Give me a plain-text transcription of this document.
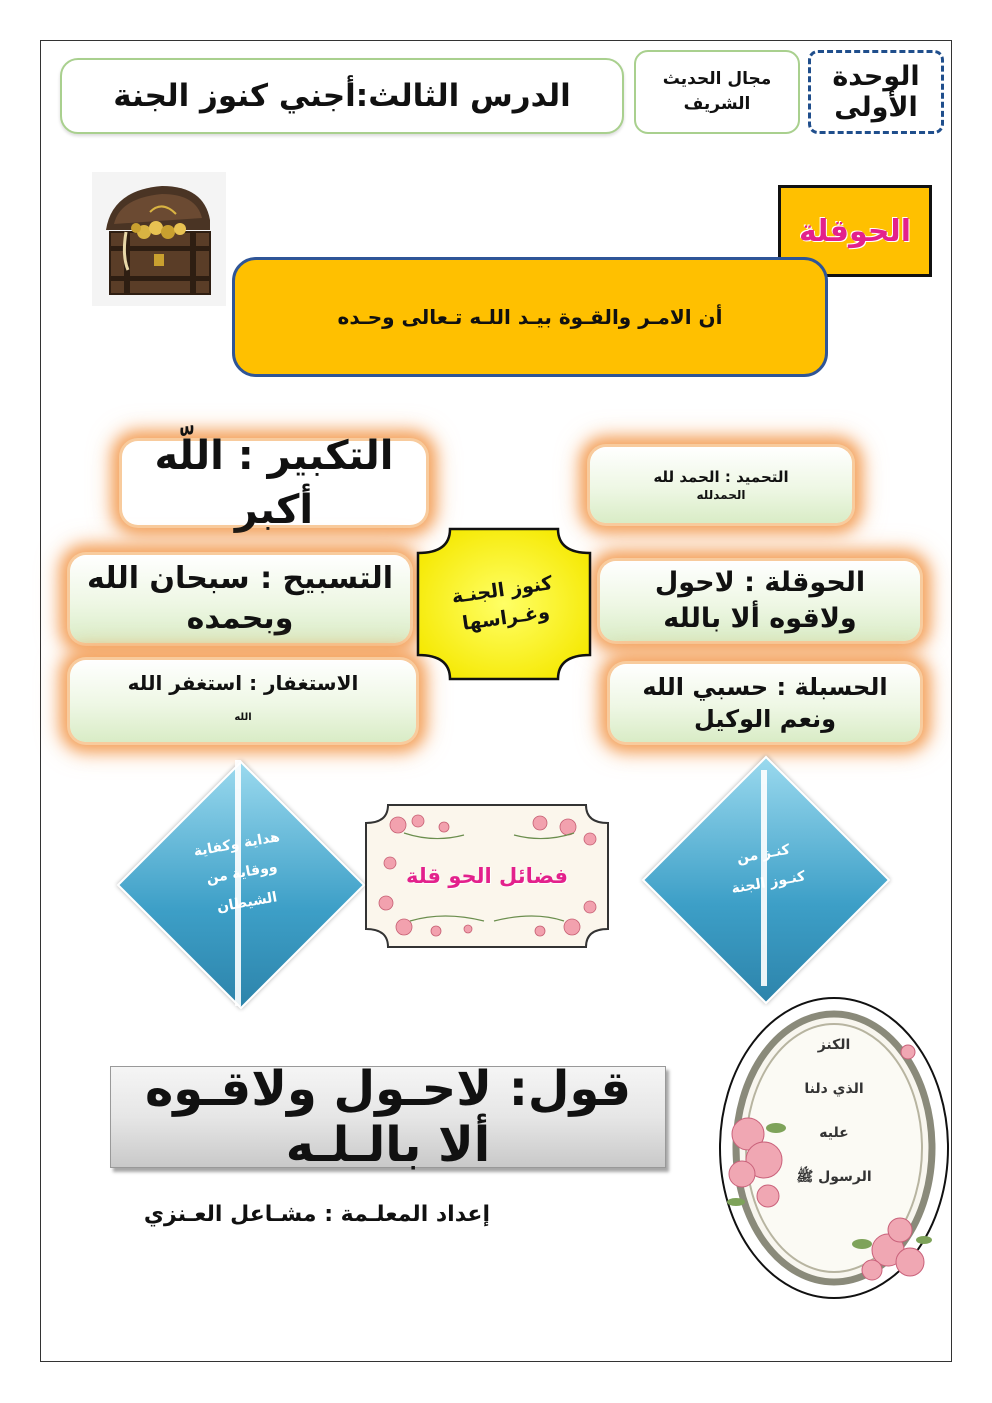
الوحدة الأولى
مجال الحديث
الشريف
الدرس الثالث:أجني كنوز الجنة
الحوقلة
أن الامـر والقـوة بيـد اللـه تـعالى وحـده
التحميد : الحمد لله
الحمدلله
التكبير : اللّه أكبر
الحوقلة : لاحول ولاقوه ألا بالله
التسبيح : سبحان الله وبحمده
الحسبلة : حسبي الله ونعم الوكيل
الاستغفار : استغفر الله
الله
كنوز الجنـة
وغـراسها
هداية وكفاية
ووقاية من
الشيطان
كنـز من
كنـوز الجنة
فضائل الحو قلة
قول: لاحـول ولاقـوه ألا بالـلـه
إعداد المعلـمة : مشـاعل العـنزي
الكنز
الذي دلنا
عليه
الرسول ﷺ
